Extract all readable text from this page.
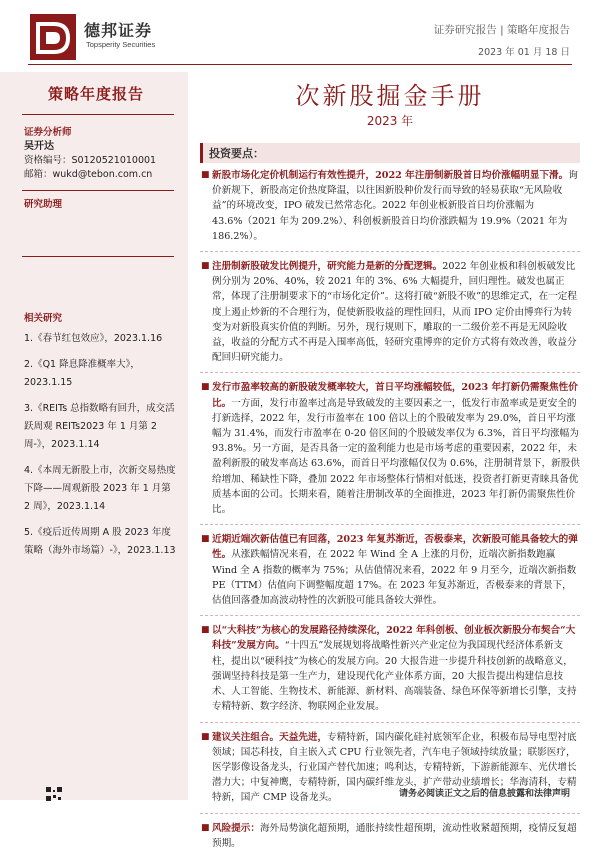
德邦证券
Topsperity Securities
证券研究报告 | 策略年度报告
2023 年 01 月 18 日
策略年度报告
证券分析师
吴开达
资格编号：S0120521010001
邮箱：wukd@tebon.com.cn
研究助理
相关研究
1.《春节红包效应》，2023.1.16
2.《Q1 降息降准概率大》，2023.1.15
3.《REITs 总指数略有回升，成交活跃周观 REITs2023 年 1 月第 2 周-》，2023.1.14
4.《本周无新股上市，次新交易热度下降——周观新股 2023 年 1 月第 2 周》，2023.1.14
5.《疫后近传周期 A 股 2023 年度策略（海外市场篇）-》，2023.1.13
次新股掘金手册
2023 年
投资要点：
■ 新股市场化定价机制运行有效性提升，2022 年注册制新股首日均价涨幅明显下滑。询价新规下，新股高定价热度降温，以往困新股种价发行而导致的轻易获取“无风险收益”的环境改变，IPO 破发已然常态化。2022 年创业板新股首日均价涨幅为 43.6%（2021 年为 209.2%）、科创板新股首日均价涨跌幅为 19.9%（2021 年为 186.2%）。
■ 注册制新股破发比例提升，研究能力是新的分配逻辑。2022 年创业板和科创板破发比例分别为 20%、40%，较 2021 年的 3%、6% 大幅提升，回归理性。破发也属正常，体现了注册制要求下的“市场化定价”。这将打破“新股不败”的思维定式，在一定程度上遏止炒新的不合理行为，促使新股收益的理性回归，从而 IPO 定价由博弈行为转变为对新股真实价值的判断。另外，现行规则下，雕取的一二级价差不再是无风险收益，收益的分配方式不再是入围率高低，轻研究重博弈的定价方式将有效改善，收益分配回归研究能力。
■ 发行市盈率较高的新股破发概率较大，首日平均涨幅较低，2023 年打新仍需聚焦性价比。一方面，发行市盈率过高是导致破发的主要因素之一，低发行市盈率或是更安全的打新选择，2022 年，发行市盈率在 100 倍以上的个股破发率为 29.0%，首日平均涨幅为 31.4%，而发行市盈率在 0-20 倍区间的个股破发率仅为 6.3%，首日平均涨幅为 93.8%。另一方面，是否具备一定的盈利能力也是市场考虑的重要因素，2022 年，未盈利新股的破发率高达 63.6%，而首日平均涨幅仅仅为 0.6%，注册制背景下，新股供给增加、稀缺性下降，叠加 2022 年市场整体行情相对低迷，投资者打新更青睐具备优质基本面的公司。长期来看，随着注册制改革的全面推进，2023 年打新仍需聚焦性价比。
■ 近期近端次新估值已有回落，2023 年复苏渐近，否极泰来，次新股可能具备较大的弹性。从涨跌幅情况来看，在 2022 年 Wind 全 A 上涨的月份，近端次新指数跑赢 Wind 全 A 指数的概率为 75%；从估值情况来看，2022 年 9 月至今，近端次新指数 PE（TTM）估值向下调整幅度超 17%。在 2023 年复苏渐近，否极泰来的背景下，估值回落叠加高波动特性的次新股可能具备较大弹性。
■ 以“大科技”为核心的发展路径持续深化，2022 年科创板、创业板次新股分布契合“大科技”发展方向。“十四五”发展规划将战略性新兴产业定位为我国现代经济体系新支柱，提出以“硬科技”为核心的发展方向。20 大报告进一步提升科技创新的战略意义，强调坚持科技是第一生产力，建设现代化产业体系方面，20 大报告提出构建信息技术、人工智能、生物技术、新能源、新材料、高端装备、绿色环保等新增长引擎，支持专精特新、数字经济、物联网企业发展。
■ 建议关注组合。天益先进，专精特新，国内碳化硅衬底领军企业，积极布局导电型衬底领域；国芯科技，自主嵌入式 CPU 行业领先者，汽车电子领域持续放量；联影医疗，医学影像设备龙头，行业国产替代加速；鸣利达，专精特新，下游新能源车、光伏增长潜力大；中复神鹰，专精特新，国内碳纤维龙头，扩产带动业绩增长；华海清科，专精特新，国产 CMP 设备龙头。
■ 风险提示：海外局势演化超预期，通胀持续性超预期，流动性收紧超预期，疫情反复超预期。
请务必阅读正文之后的信息披露和法律声明
